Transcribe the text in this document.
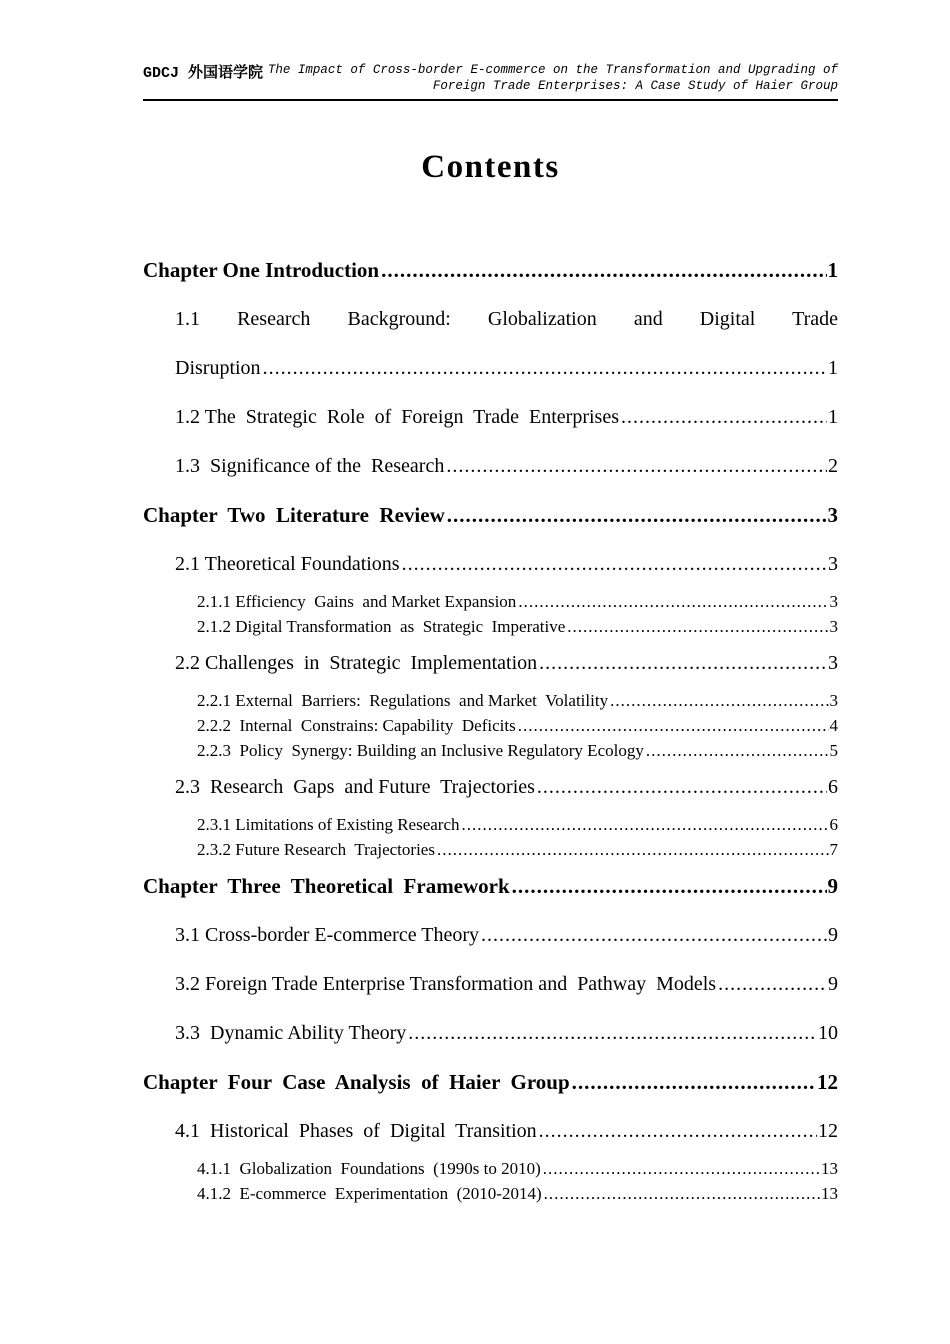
GDCJ 外国语学院 The Impact of Cross-border E-commerce on the Transformation and Upgrading of
Foreign Trade Enterprises: A Case Study of Haier Group
Contents
Chapter One Introduction .....	1
1.1 Research Background: Globalization and Digital Trade
Disruption .....	1
1.2 The  Strategic  Role  of  Foreign  Trade  Enterprises .....	1
1.3  Significance of the  Research .....	2
Chapter  Two  Literature  Review .....	3
2.1 Theoretical Foundations .....	3
2.1.1 Efficiency  Gains  and Market Expansion .....	3
2.1.2 Digital Transformation  as  Strategic  Imperative .....	3
2.2 Challenges  in  Strategic  Implementation .....	3
2.2.1 External  Barriers:  Regulations  and Market  Volatility .....	3
2.2.2  Internal  Constrains: Capability  Deficits .....	4
2.2.3  Policy  Synergy: Building an Inclusive Regulatory Ecology .....	5
2.3  Research  Gaps  and Future  Trajectories .....	6
2.3.1 Limitations of Existing Research .....	6
2.3.2 Future Research  Trajectories .....	7
Chapter  Three  Theoretical  Framework .....	9
3.1 Cross-border E-commerce Theory .....	9
3.2 Foreign Trade Enterprise Transformation and  Pathway  Models .....	9
3.3  Dynamic Ability Theory .....	10
Chapter  Four  Case  Analysis  of  Haier  Group .....	12
4.1  Historical  Phases  of  Digital  Transition .....	12
4.1.1  Globalization  Foundations  (1990s to 2010) .....	13
4.1.2  E-commerce  Experimentation  (2010-2014) .....	13
